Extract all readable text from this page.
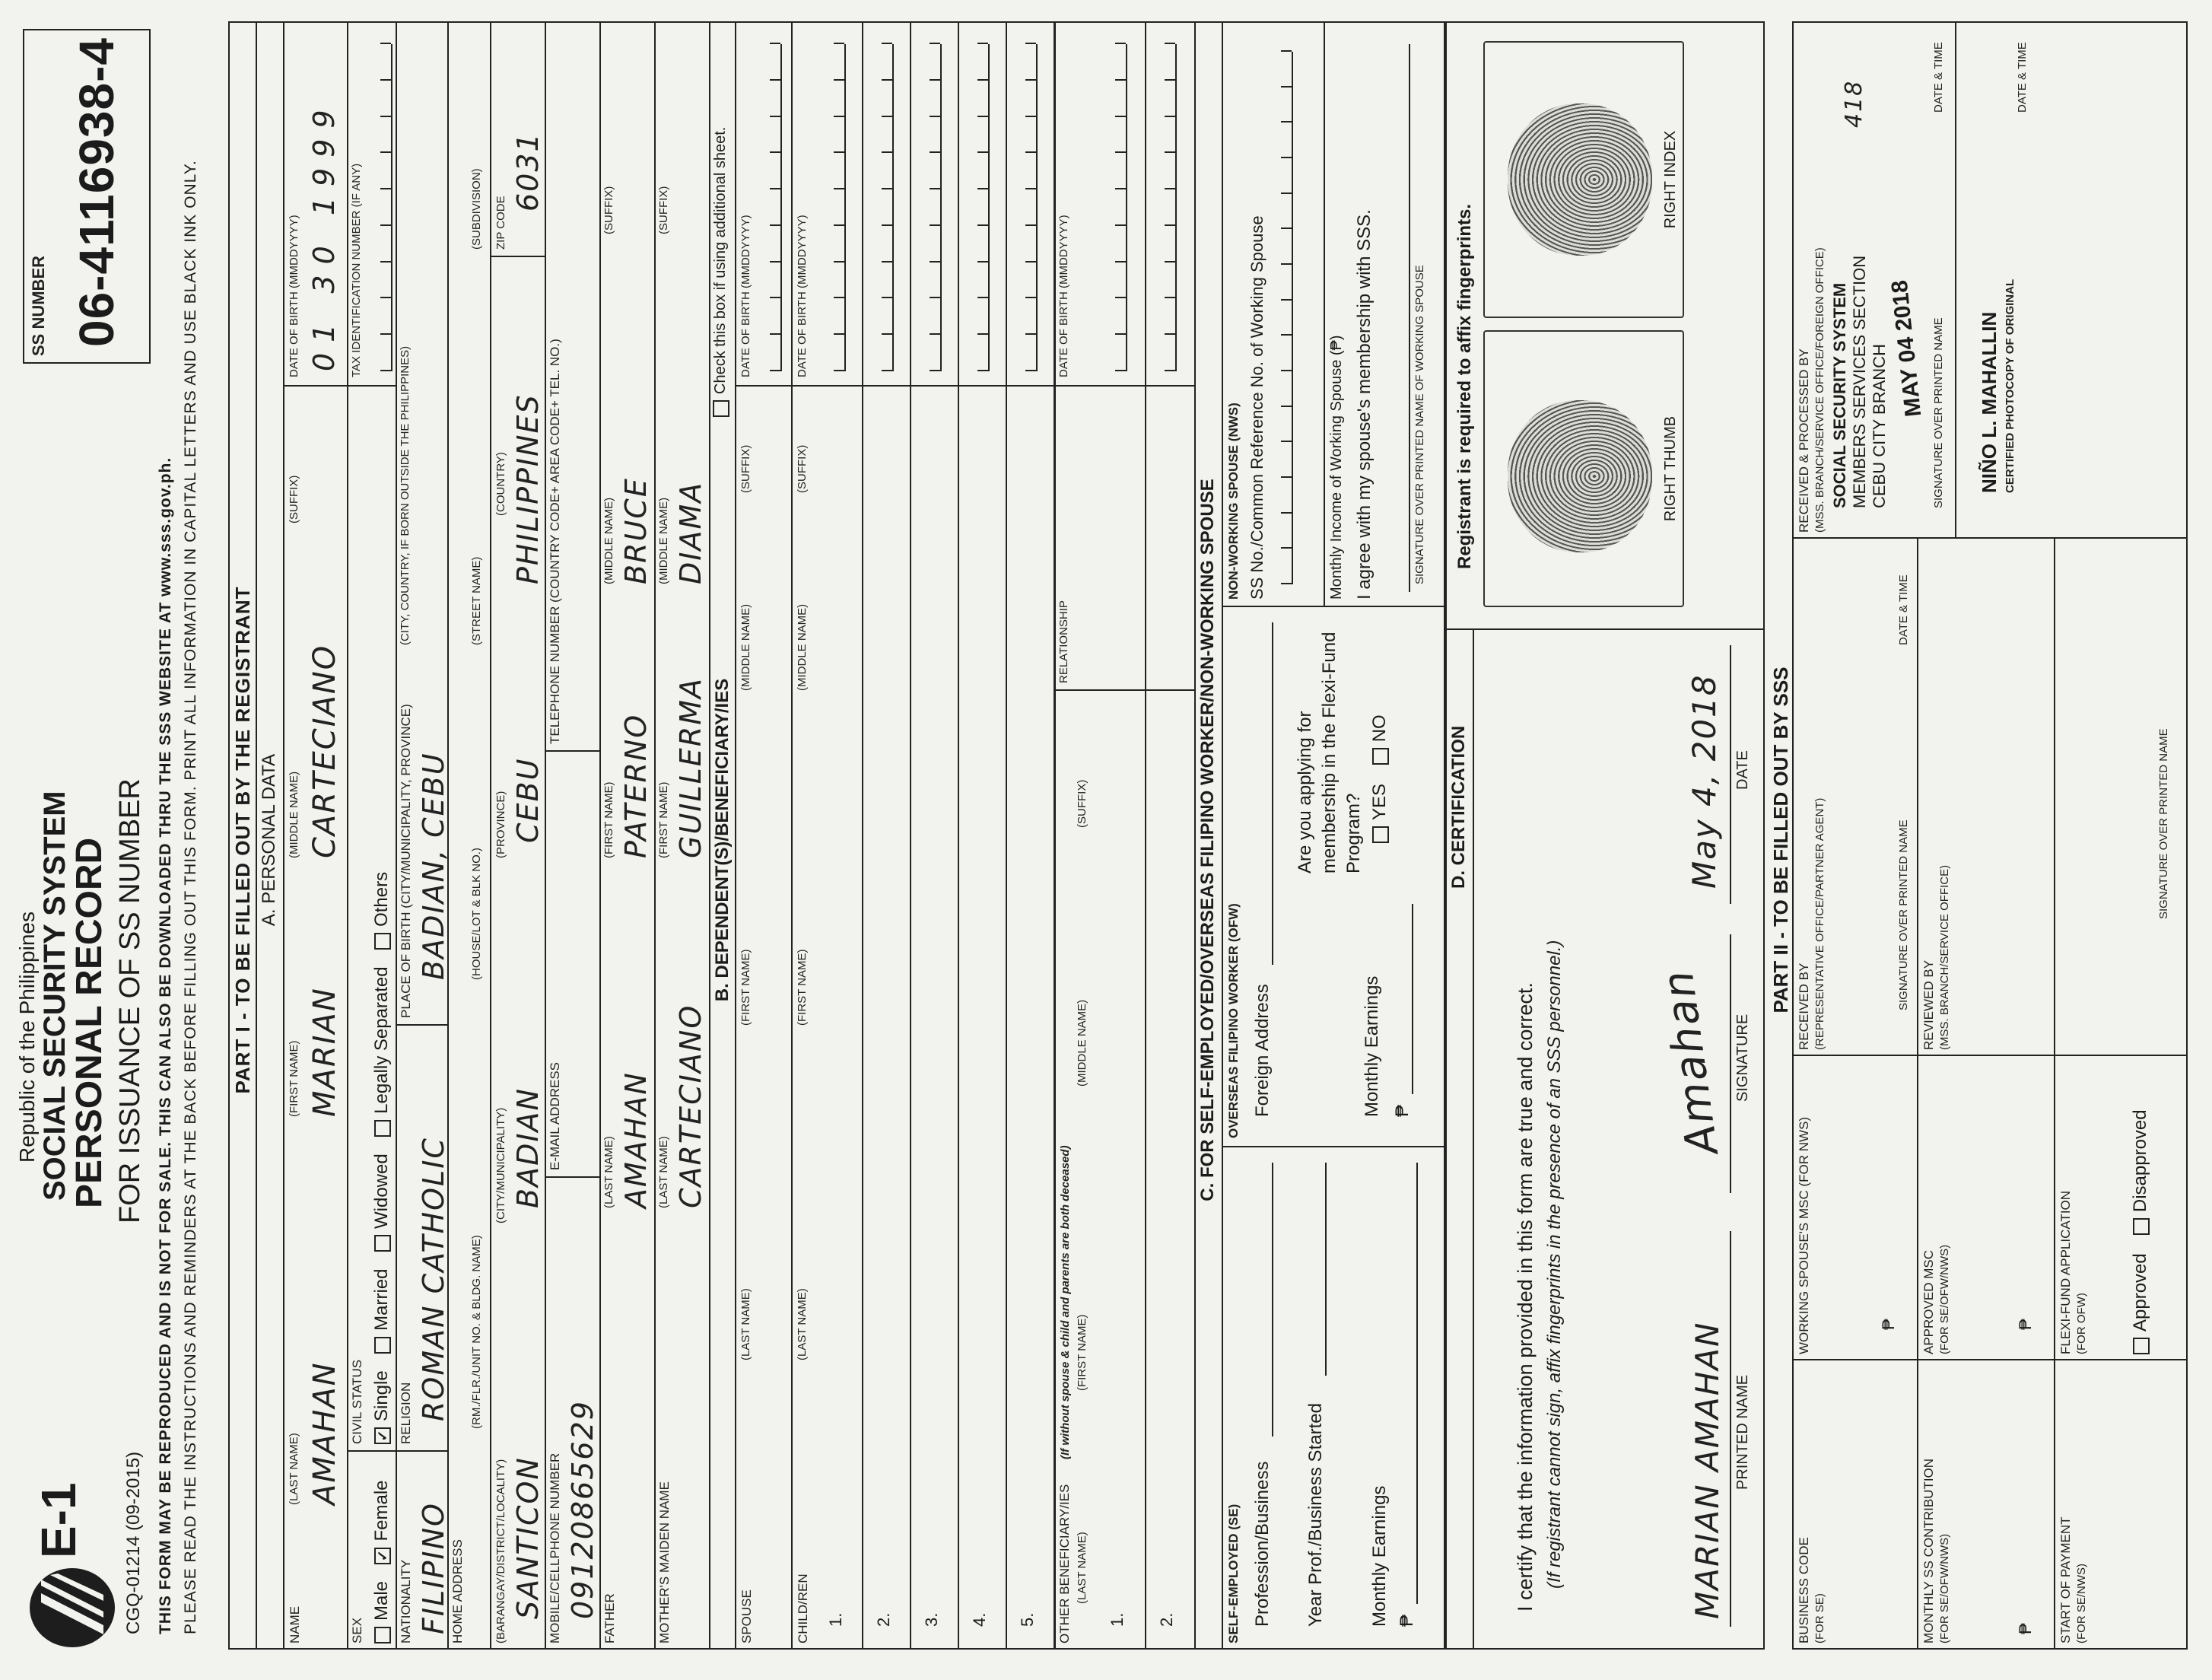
E-1 CGQ-01214 (09-2015)
Republic of the Philippines SOCIAL SECURITY SYSTEM
PERSONAL RECORD FOR ISSUANCE OF SS NUMBER
SS NUMBER 06-4116938-4
THIS FORM MAY BE REPRODUCED AND IS NOT FOR SALE. THIS CAN ALSO BE DOWNLOADED THRU THE SSS WEBSITE AT www.sss.gov.ph. PLEASE READ THE INSTRUCTIONS AND REMINDERS AT THE BACK BEFORE FILLING OUT THIS FORM. PRINT ALL INFORMATION IN CAPITAL LETTERS AND USE BLACK INK ONLY. PART I - TO BE FILLED OUT BY THE REGISTRANT A. PERSONAL DATA
NAME
(LAST NAME) AMAHAN
(FIRST NAME) MARIAN
(MIDDLE NAME) CARTECIANO
(SUFFIX)
DATE OF BIRTH (MMDDYYYY) 01 30 1999
SEX
Male ✓Female
CIVIL STATUS ✓Single Married Widowed Legally Separated Others
TAX IDENTIFICATION NUMBER (IF ANY)
NATIONALITY FILIPINO
RELIGION ROMAN CATHOLIC
PLACE OF BIRTH (CITY/MUNICIPALITY, PROVINCE) BADIAN, CEBU
(CITY, COUNTRY, IF BORN OUTSIDE THE PHILIPPINES)
HOME ADDRESS
(RM./FLR./UNIT NO. & BLDG. NAME)
(HOUSE/LOT & BLK NO.)
(STREET NAME)
(SUBDIVISION)
(BARANGAY/DISTRICT/LOCALITY) SANTICON
(CITY/MUNICIPALITY) BADIAN
(PROVINCE) CEBU
(COUNTRY) PHILIPPINES
ZIP CODE
6031
MOBILE/CELLPHONE NUMBER 09120865629
E-MAIL ADDRESS
TELEPHONE NUMBER (COUNTRY CODE+ AREA CODE+ TEL. NO.)
FATHER
(LAST NAME) AMAHAN
(FIRST NAME) PATERNO
(MIDDLE NAME) BRUCE
(SUFFIX)
MOTHER'S MAIDEN NAME
(LAST NAME) CARTECIANO
(FIRST NAME) GUILLERMA
(MIDDLE NAME) DIAMA
(SUFFIX)
B. DEPENDENT(S)/BENEFICIARY/IES
Check this box if using additional sheet.
SPOUSE
(LAST NAME)
(FIRST NAME)
(MIDDLE NAME)
(SUFFIX)
DATE OF BIRTH (MMDDYYYY)
CHILD/REN
(LAST NAME)
(FIRST NAME)
(MIDDLE NAME)
(SUFFIX)
DATE OF BIRTH (MMDDYYYY)
1. 2. 3. 4. 5. OTHER BENEFICIARY/IES
(If without spouse & child and parents are both deceased)
(LAST NAME)
(FIRST NAME)
(MIDDLE NAME)
(SUFFIX)
RELATIONSHIP
DATE OF BIRTH (MMDDYYYY)
1. 2.
C. FOR SELF-EMPLOYED/OVERSEAS FILIPINO WORKER/NON-WORKING SPOUSE
SELF-EMPLOYED (SE) Profession/Business Year Prof./Business Started Monthly Earnings ₱
OVERSEAS FILIPINO WORKER (OFW) Foreign Address	Monthly Earnings ₱
Are you applying for membership in the Flexi-Fund Program? YES NO
NON-WORKING SPOUSE (NWS) SS No./Common Reference No. of Working Spouse	Monthly Income of Working Spouse (₱) I agree with my spouse's membership with SSS.	SIGNATURE OVER PRINTED NAME OF WORKING SPOUSE
D. CERTIFICATION
I certify that the information provided in this form are true and correct. (If registrant cannot sign, affix fingerprints in the presence of an SSS personnel.)	MARIAN AMAHAN PRINTED NAME
Amahan SIGNATURE
May 4, 2018 DATE
Registrant is required to affix fingerprints.	RIGHT THUMB
RIGHT INDEX
PART II - TO BE FILLED OUT BY SSS
BUSINESS CODE (FOR SE)
WORKING SPOUSE'S MSC (FOR NWS)	₱
RECEIVED BY (REPRESENTATIVE OFFICE/PARTNER AGENT)	SIGNATURE OVER PRINTED NAME
DATE & TIME
MONTHLY SS CONTRIBUTION (FOR SE/OFW/NWS)	₱
APPROVED MSC (FOR SE/OFW/NWS)	₱
REVIEWED BY (MSS. BRANCH/SERVICE OFFICE)
SIGNATURE OVER PRINTED NAME
START OF PAYMENT (FOR SE/NWS)
FLEXI-FUND APPLICATION (FOR OFW) Approved Disapproved
RECEIVED & PROCESSED BY (MSS. BRANCH/SERVICE OFFICE/FOREIGN OFFICE) SOCIAL SECURITY SYSTEM MEMBERS SERVICES SECTION CEBU CITY BRANCH
418
MAY 04 2018 SIGNATURE OVER PRINTED NAME
DATE & TIME
NIÑO L. MAHALLIN CERTIFIED PHOTOCOPY OF ORIGINAL
DATE & TIME
